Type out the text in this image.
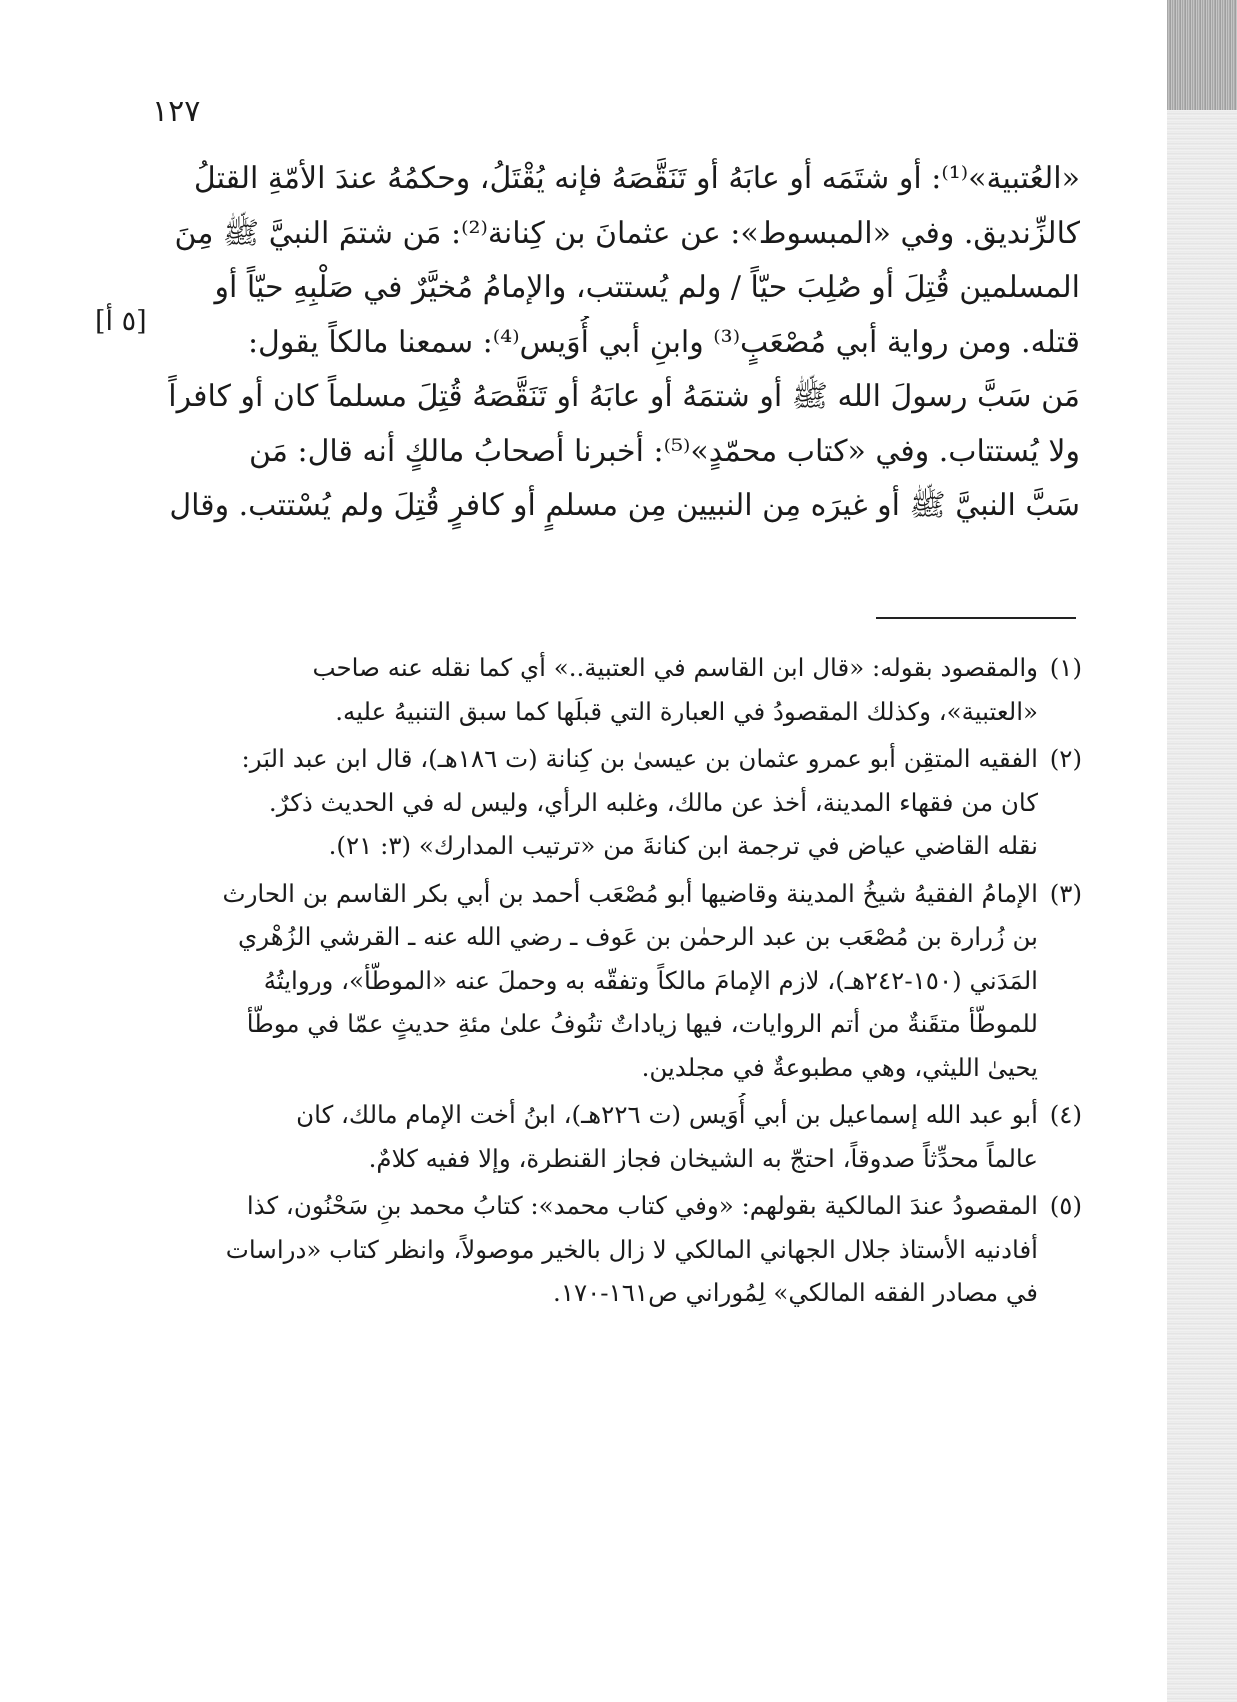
١٢٧
[٥ أ]
«العُتبية»⁽¹⁾: أو شتَمَه أو عابَهُ أو تَنَقَّصَهُ فإنه يُقْتَلُ، وحكمُهُ عندَ الأمّةِ القتلُ
كالزِّنديق. وفي «المبسوط»: عن عثمانَ بن كِنانة⁽²⁾: مَن شتمَ النبيَّ ﷺ مِنَ
المسلمين قُتِلَ أو صُلِبَ حيّاً / ولم يُستتب، والإمامُ مُخيَّرٌ في صَلْبِهِ حيّاً أو
قتله. ومن رواية أبي مُصْعَبٍ⁽³⁾ وابنِ أبي أُوَيس⁽⁴⁾: سمعنا مالكاً يقول:
مَن سَبَّ رسولَ الله ﷺ أو شتمَهُ أو عابَهُ أو تَنَقَّصَهُ قُتِلَ مسلماً كان أو كافراً
ولا يُستتاب. وفي «كتاب محمّدٍ»⁽⁵⁾: أخبرنا أصحابُ مالكٍ أنه قال: مَن
سَبَّ النبيَّ ﷺ أو غيرَه مِن النبيين مِن مسلمٍ أو كافرٍ قُتِلَ ولم يُسْتتب. وقال
(١)
والمقصود بقوله: «قال ابن القاسم في العتبية..» أي كما نقله عنه صاحب
«العتبية»، وكذلك المقصودُ في العبارة التي قبلَها كما سبق التنبيهُ عليه.
(٢)
الفقيه المتقِن أبو عمرو عثمان بن عيسىٰ بن كِنانة (ت ١٨٦هـ)، قال ابن عبد البَر:
كان من فقهاء المدينة، أخذ عن مالك، وغلبه الرأي، وليس له في الحديث ذكرٌ.
نقله القاضي عياض في ترجمة ابن كنانةَ من «ترتيب المدارك» (٣: ٢١).
(٣)
الإمامُ الفقيهُ شيخُ المدينة وقاضيها أبو مُصْعَب أحمد بن أبي بكر القاسم بن الحارث
بن زُرارة بن مُصْعَب بن عبد الرحمٰن بن عَوف ـ رضي الله عنه ـ القرشي الزُهْري
المَدَني (١٥٠-٢٤٢هـ)، لازم الإمامَ مالكاً وتفقّه به وحملَ عنه «الموطّأ»، وروايتُهُ
للموطّأ متقَنةٌ من أتم الروايات، فيها زياداتٌ تنُوفُ علىٰ مئةِ حديثٍ عمّا في موطّأ
يحيىٰ الليثي، وهي مطبوعةٌ في مجلدين.
(٤)
أبو عبد الله إسماعيل بن أبي أُوَيس (ت ٢٢٦هـ)، ابنُ أخت الإمام مالك، كان
عالماً محدِّثاً صدوقاً، احتجّ به الشيخان فجاز القنطرة، وإلا ففيه كلامٌ.
(٥)
المقصودُ عندَ المالكية بقولهم: «وفي كتاب محمد»: كتابُ محمد بنِ سَحْنُون، كذا
أفادنيه الأستاذ جلال الجهاني المالكي لا زال بالخير موصولاً، وانظر كتاب «دراسات
في مصادر الفقه المالكي» لِمُوراني ص١٦١-١٧٠.
